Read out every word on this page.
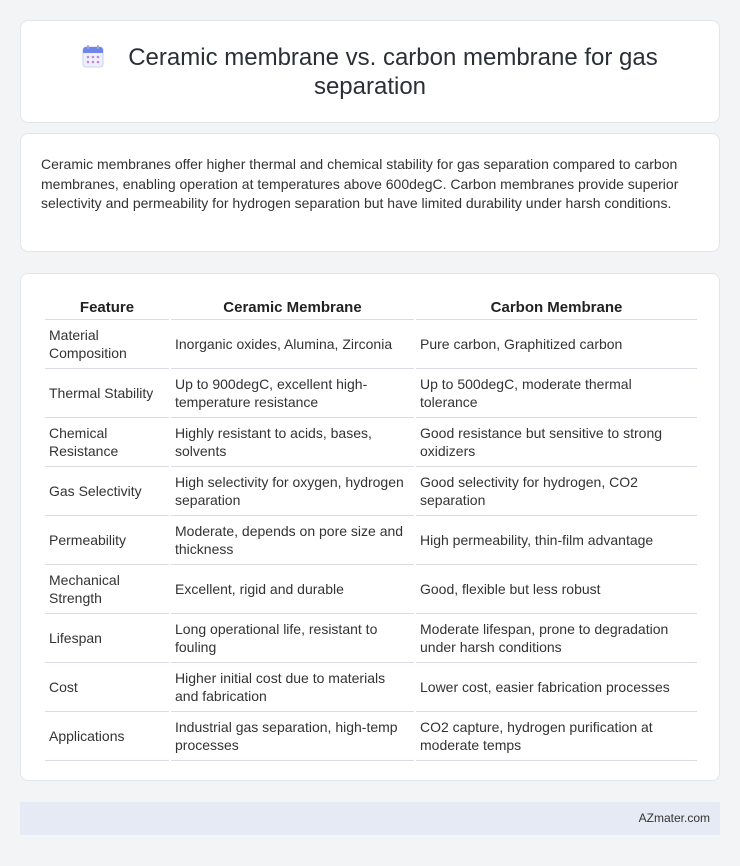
Ceramic membrane vs. carbon membrane for gas separation

Ceramic membranes offer higher thermal and chemical stability for gas separation compared to carbon membranes, enabling operation at temperatures above 600degC. Carbon membranes provide superior selectivity and permeability for hydrogen separation but have limited durability under harsh conditions.

Feature	Ceramic Membrane	Carbon Membrane
Material Composition	Inorganic oxides, Alumina, Zirconia	Pure carbon, Graphitized carbon
Thermal Stability	Up to 900degC, excellent high-temperature resistance	Up to 500degC, moderate thermal tolerance
Chemical Resistance	Highly resistant to acids, bases, solvents	Good resistance but sensitive to strong oxidizers
Gas Selectivity	High selectivity for oxygen, hydrogen separation	Good selectivity for hydrogen, CO2 separation
Permeability	Moderate, depends on pore size and thickness	High permeability, thin-film advantage
Mechanical Strength	Excellent, rigid and durable	Good, flexible but less robust
Lifespan	Long operational life, resistant to fouling	Moderate lifespan, prone to degradation under harsh conditions
Cost	Higher initial cost due to materials and fabrication	Lower cost, easier fabrication processes
Applications	Industrial gas separation, high-temp processes	CO2 capture, hydrogen purification at moderate temps
AZmater.com
